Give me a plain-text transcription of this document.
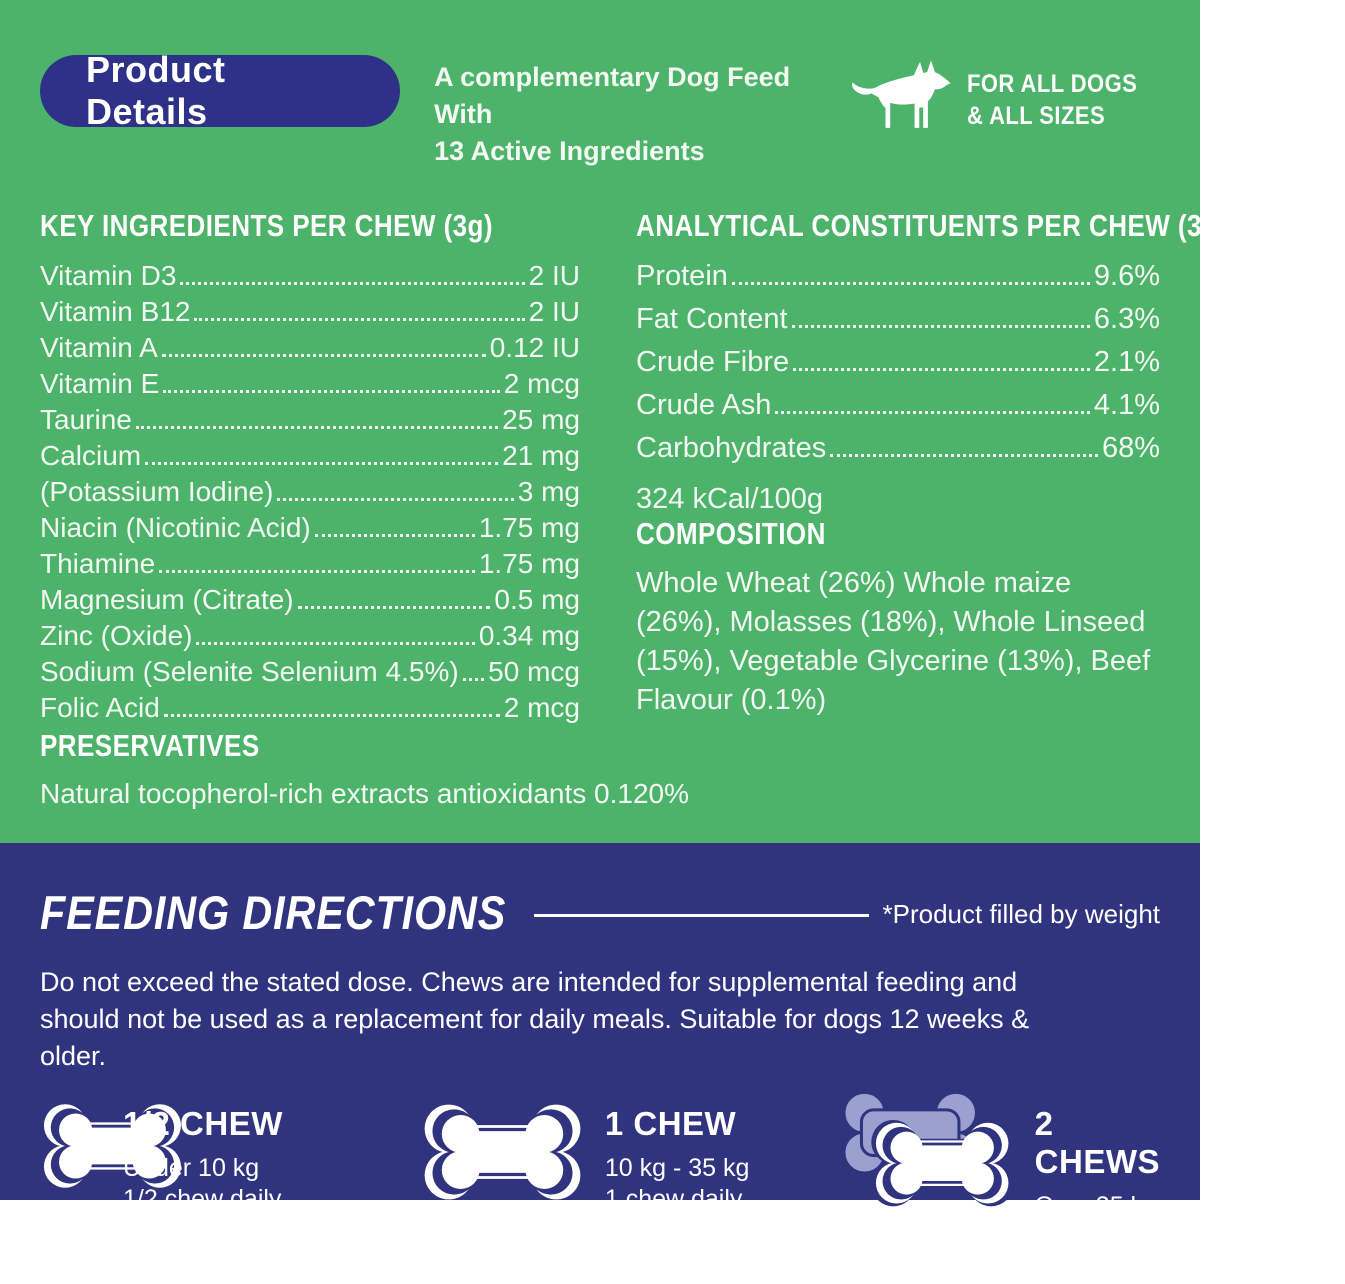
Product Details
A complementary Dog Feed With
13 Active Ingredients
FOR ALL DOGS
& ALL SIZES
KEY INGREDIENTS PER CHEW (3g)
Vitamin D3	2 IU
Vitamin B12	2 IU
Vitamin A	0.12 IU
Vitamin E	2 mcg
Taurine	25 mg
Calcium	21 mg
(Potassium Iodine)	3 mg
Niacin (Nicotinic Acid)	1.75 mg
Thiamine	1.75 mg
Magnesium (Citrate)	0.5 mg
Zinc (Oxide)	0.34 mg
Sodium (Selenite Selenium 4.5%) 50 mcg
Folic Acid	2 mcg
ANALYTICAL CONSTITUENTS PER CHEW (3G)
Protein	9.6%
Fat Content	6.3%
Crude Fibre	2.1%
Crude Ash	4.1%
Carbohydrates	68%
324 kCal/100g
COMPOSITION

Whole Wheat (26%) Whole maize (26%), Molasses (18%), Whole Linseed (15%), Vegetable Glycerine (13%), Beef Flavour (0.1%)

PRESERVATIVES

Natural tocopherol-rich extracts antioxidants 0.120%

FEEDING DIRECTIONS	*Product filled by weight

Do not exceed the stated dose. Chews are intended for supplemental feeding and should not be used as a replacement for daily meals. Suitable for dogs 12 weeks & older.

1/2 CHEW
Under 10 kg
1/2 chew daily
1 CHEW
10 kg - 35 kg
1 chew daily
2 CHEWS
Over 35 kg
2 chews daily
